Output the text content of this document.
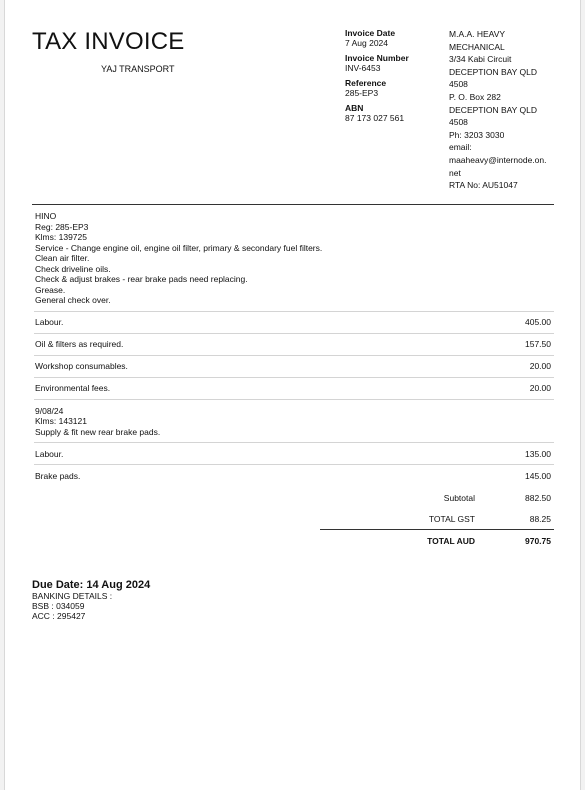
TAX INVOICE
YAJ TRANSPORT
Invoice Date
7 Aug 2024
Invoice Number
INV-6453
Reference
285-EP3
ABN
87 173 027 561
M.A.A. HEAVY
MECHANICAL
3/34 Kabi Circuit
DECEPTION BAY QLD
4508
P. O. Box 282
DECEPTION BAY QLD
4508
Ph: 3203 3030
email:
maaheavy@internode.on.
net
RTA No: AU51047
HINO
Reg: 285-EP3
Klms: 139725
Service - Change engine oil, engine oil filter, primary & secondary fuel filters.
Clean air filter.
Check driveline oils.
Check & adjust brakes - rear brake pads need replacing.
Grease.
General check over.
Labour.	405.00
Oil & filters as required.	157.50
Workshop consumables.	20.00
Environmental fees.	20.00
9/08/24
Klms: 143121
Supply & fit new rear brake pads.
Labour.	135.00
Brake pads.	145.00
Subtotal	882.50
TOTAL GST	88.25
TOTAL AUD	970.75
Due Date: 14 Aug 2024
BANKING DETAILS :
BSB : 034059
ACC : 295427
